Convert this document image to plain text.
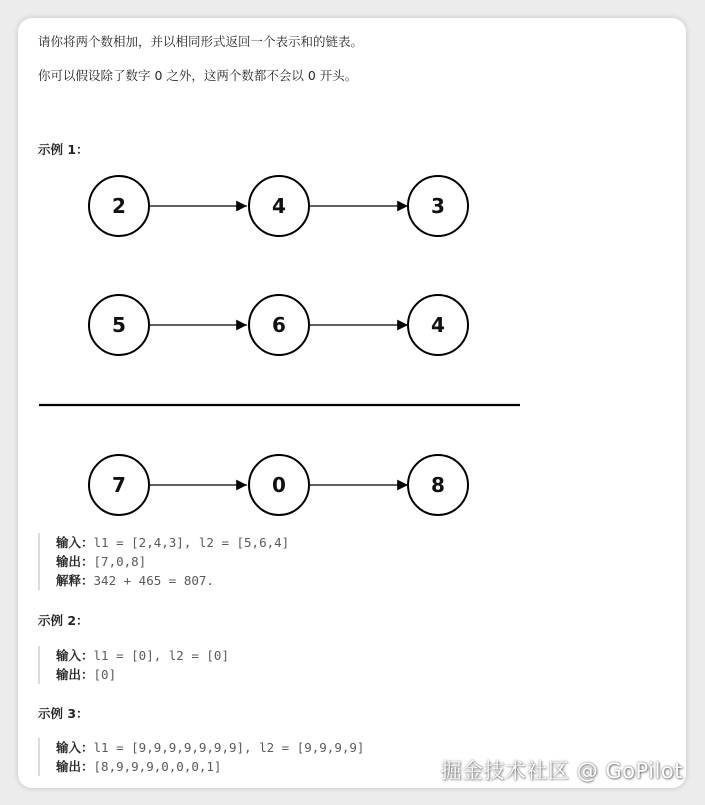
请你将两个数相加，并以相同形式返回一个表示和的链表。

你可以假设除了数字 0 之外，这两个数都不会以 0 开头。

示例 1：

2	4	3
5	6	4
7	0	8
输入：l1 = [2,4,3], l2 = [5,6,4]
输出：[7,0,8]
解释：342 + 465 = 807.

示例 2：

输入：l1 = [0], l2 = [0]
输出：[0]

示例 3：

输入：l1 = [9,9,9,9,9,9,9], l2 = [9,9,9,9]
输出：[8,9,9,9,0,0,0,1]	掘金技术社区 @ GoPilot
